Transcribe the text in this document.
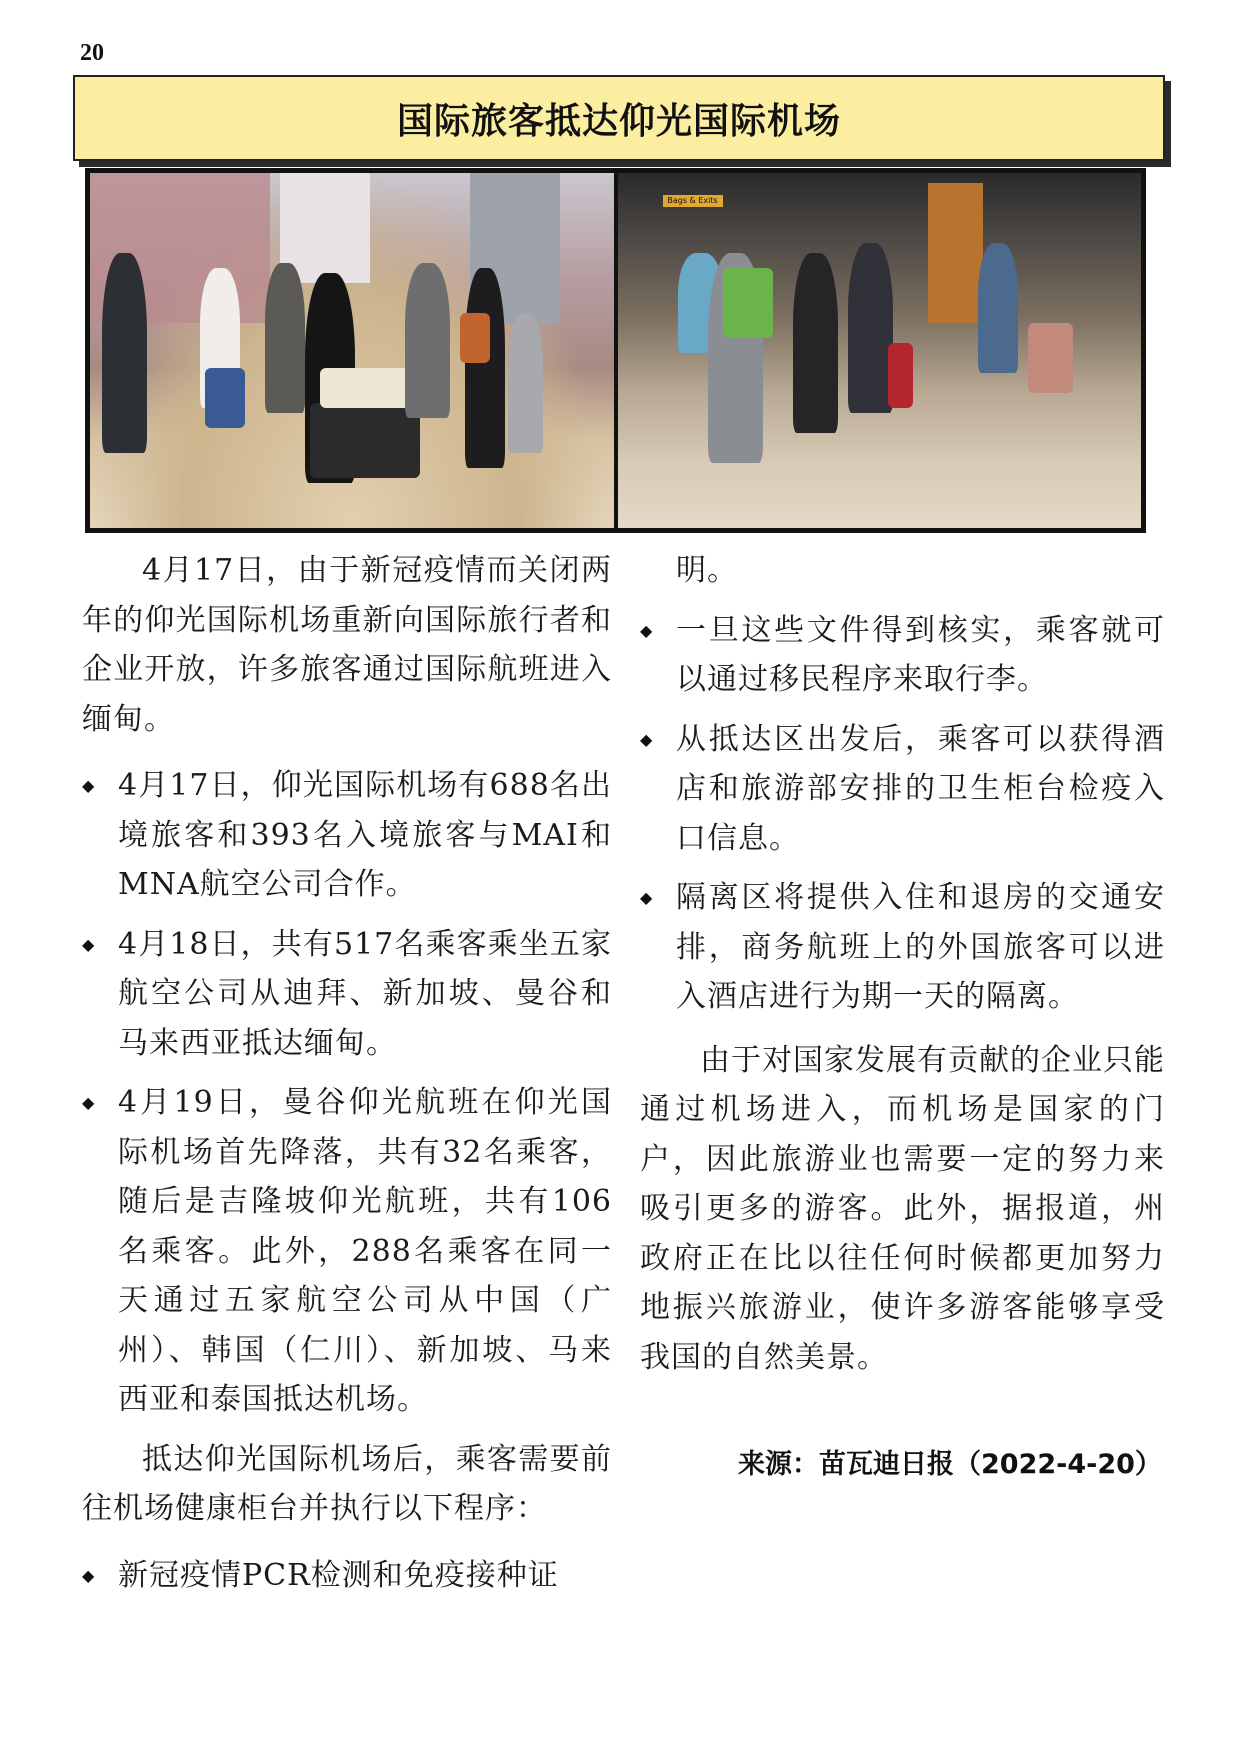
20
国际旅客抵达仰光国际机场
Bags & Exits

4月17日，由于新冠疫情而关闭两年的仰光国际机场重新向国际旅行者和企业开放，许多旅客通过国际航班进入缅甸。

◆ 4月17日，仰光国际机场有688名出境旅客和393名入境旅客与MAI和MNA航空公司合作。
◆ 4月18日，共有517名乘客乘坐五家航空公司从迪拜、新加坡、曼谷和马来西亚抵达缅甸。
◆ 4月19日，曼谷仰光航班在仰光国际机场首先降落，共有32名乘客，随后是吉隆坡仰光航班，共有106名乘客。此外，288名乘客在同一天通过五家航空公司从中国（广州）、韩国（仁川）、新加坡、马来西亚和泰国抵达机场。

抵达仰光国际机场后，乘客需要前往机场健康柜台并执行以下程序：

◆ 新冠疫情PCR检测和免疫接种证
明。
◆ 一旦这些文件得到核实，乘客就可以通过移民程序来取行李。
◆ 从抵达区出发后，乘客可以获得酒店和旅游部安排的卫生柜台检疫入口信息。
◆ 隔离区将提供入住和退房的交通安排，商务航班上的外国旅客可以进入酒店进行为期一天的隔离。

由于对国家发展有贡献的企业只能通过机场进入，而机场是国家的门户，因此旅游业也需要一定的努力来吸引更多的游客。此外，据报道，州政府正在比以往任何时候都更加努力地振兴旅游业，使许多游客能够享受我国的自然美景。

来源：苗瓦迪日报（2022-4-20）
